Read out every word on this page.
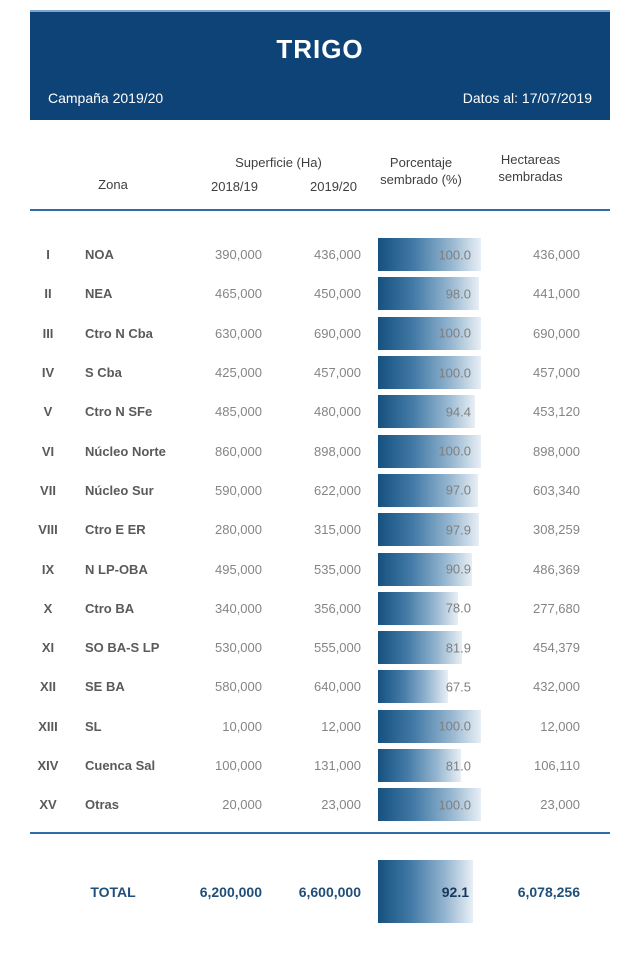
TRIGO
Campaña 2019/20	Datos al: 17/07/2019
Zona
Superficie (Ha)
2018/19	2019/20
Porcentaje
sembrado (%)
Hectareas
sembradas
I	NOA	390,000	436,000	100.0	436,000
II	NEA	465,000	450,000	98.0	441,000
III	Ctro N Cba	630,000	690,000	100.0	690,000
IV	S Cba	425,000	457,000	100.0	457,000
V	Ctro N SFe	485,000	480,000	94.4	453,120
VI	Núcleo Norte	860,000	898,000	100.0	898,000
VII	Núcleo Sur	590,000	622,000	97.0	603,340
VIII	Ctro E ER	280,000	315,000	97.9	308,259
IX	N LP-OBA	495,000	535,000	90.9	486,369
X	Ctro BA	340,000	356,000	78.0	277,680
XI	SO BA-S LP	530,000	555,000	81.9	454,379
XII	SE BA	580,000	640,000	67.5	432,000
XIII	SL	10,000	12,000	100.0	12,000
XIV	Cuenca Sal	100,000	131,000	81.0	106,110
XV	Otras	20,000	23,000	100.0	23,000
TOTAL	6,200,000	6,600,000	92.1	6,078,256
